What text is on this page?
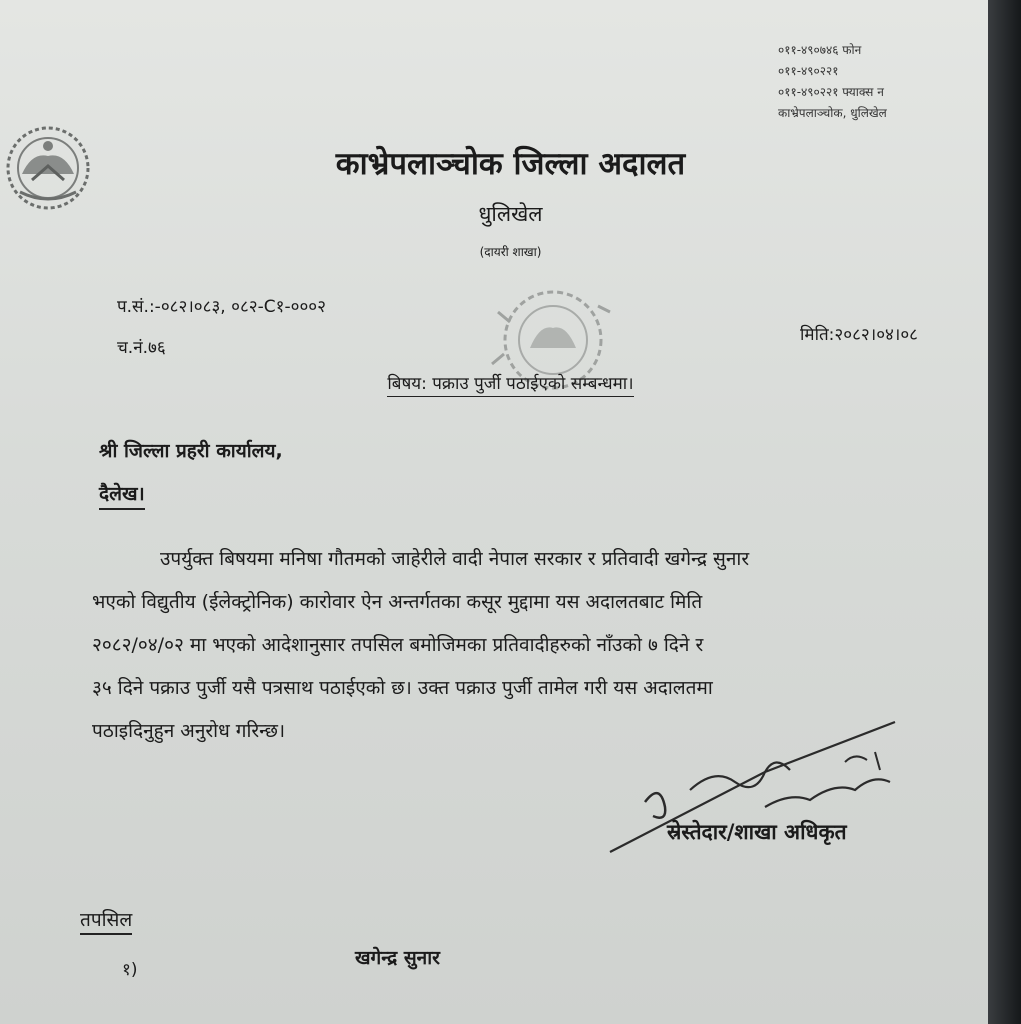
०११-४९०७४६ फोन
०११-४९०२२१
०११-४९०२२१ फ्याक्स न
काभ्रेपलाञ्चोक, धुलिखेल
काभ्रेपलाञ्चोक जिल्ला अदालत
धुलिखेल
(दायरी शाखा)
प.सं.:-०८२।०८३, ०८२-C१-०००२
च.नं.७६
मिति:२०८२।०४।०८
बिषय: पक्राउ पुर्जी पठाईएको सम्बन्धमा।
श्री जिल्ला प्रहरी कार्यालय,
दैलेख।
उपर्युक्त बिषयमा मनिषा गौतमको जाहेरीले वादी नेपाल सरकार र प्रतिवादी खगेन्द्र सुनार
भएको विद्युतीय (ईलेक्ट्रोनिक) कारोवार ऐन अन्तर्गतका कसूर मुद्दामा यस अदालतबाट मिति
२०८२/०४/०२ मा भएको आदेशानुसार तपसिल बमोजिमका प्रतिवादीहरुको नाँउको ७ दिने र
३५ दिने पक्राउ पुर्जी यसै पत्रसाथ पठाईएको छ। उक्त पक्राउ पुर्जी तामेल गरी यस अदालतमा
पठाइदिनुहुन अनुरोध गरिन्छ।
स्रेस्तेदार/शाखा अधिकृत
तपसिल
१)
खगेन्द्र सुनार
